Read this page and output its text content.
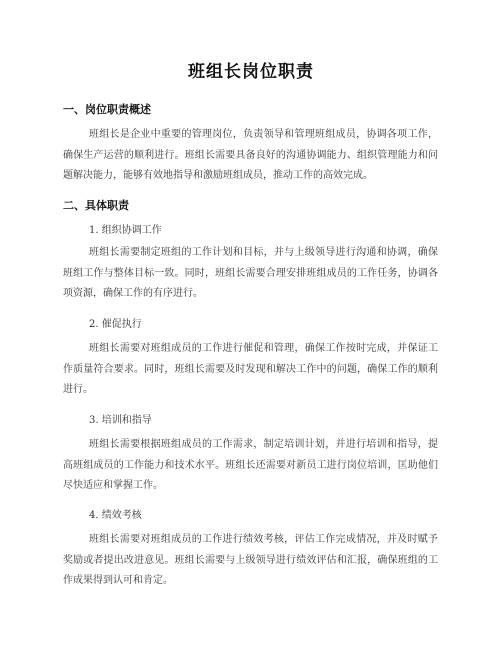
班组长岗位职责
一、岗位职责概述
班组长是企业中重要的管理岗位，负责领导和管理班组成员，协调各项工作，确保生产运营的顺利进行。班组长需要具备良好的沟通协调能力、组织管理能力和问题解决能力，能够有效地指导和激励班组成员，推动工作的高效完成。
二、具体职责
1. 组织协调工作
班组长需要制定班组的工作计划和目标，并与上级领导进行沟通和协调，确保班组工作与整体目标一致。同时，班组长需要合理安排班组成员的工作任务，协调各项资源，确保工作的有序进行。
2. 催促执行
班组长需要对班组成员的工作进行催促和管理，确保工作按时完成，并保证工作质量符合要求。同时，班组长需要及时发现和解决工作中的问题，确保工作的顺利进行。
3. 培训和指导
班组长需要根据班组成员的工作需求，制定培训计划，并进行培训和指导，提高班组成员的工作能力和技术水平。班组长还需要对新员工进行岗位培训，匡助他们尽快适应和掌握工作。
4. 绩效考核
班组长需要对班组成员的工作进行绩效考核，评估工作完成情况，并及时赋予奖励或者提出改进意见。班组长需要与上级领导进行绩效评估和汇报，确保班组的工作成果得到认可和肯定。
